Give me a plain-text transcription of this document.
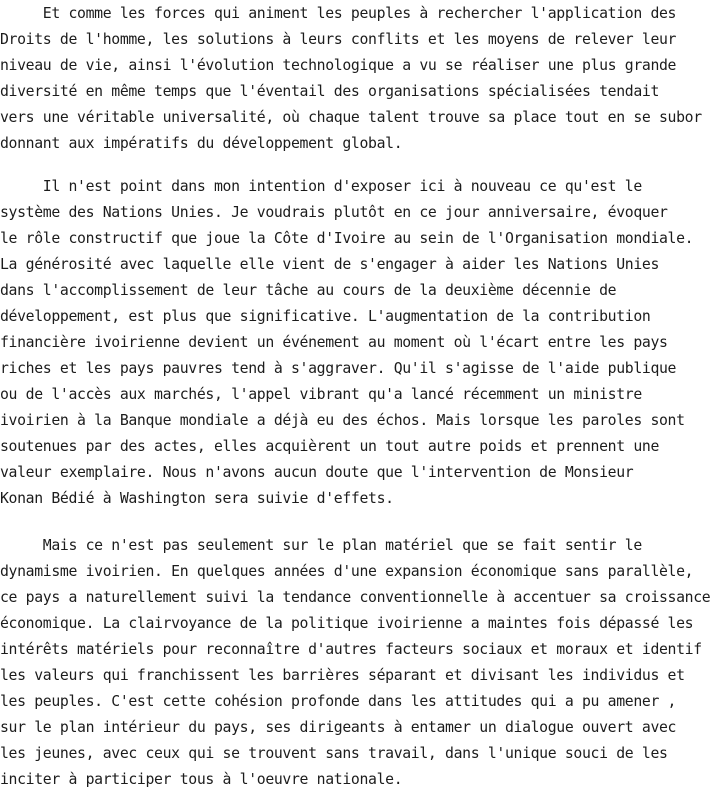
Et comme les forces qui animent les peuples à rechercher l'application des
Droits de l'homme, les solutions à leurs conflits et les moyens de relever leur
niveau de vie, ainsi l'évolution technologique a vu se réaliser une plus grande
diversité en même temps que l'éventail des organisations spécialisées tendait
vers une véritable universalité, où chaque talent trouve sa place tout en se subor
donnant aux impératifs du développement global.
Il n'est point dans mon intention d'exposer ici à nouveau ce qu'est le
système des Nations Unies. Je voudrais plutôt en ce jour anniversaire, évoquer
le rôle constructif que joue la Côte d'Ivoire au sein de l'Organisation mondiale.
La générosité avec laquelle elle vient de s'engager à aider les Nations Unies
dans l'accomplissement de leur tâche au cours de la deuxième décennie de
développement, est plus que significative. L'augmentation de la contribution
financière ivoirienne devient un événement au moment où l'écart entre les pays
riches et les pays pauvres tend à s'aggraver. Qu'il s'agisse de l'aide publique
ou de l'accès aux marchés, l'appel vibrant qu'a lancé récemment un ministre
ivoirien à la Banque mondiale a déjà eu des échos. Mais lorsque les paroles sont
soutenues par des actes, elles acquièrent un tout autre poids et prennent une
valeur exemplaire. Nous n'avons aucun doute que l'intervention de Monsieur
Konan Bédié à Washington sera suivie d'effets.
Mais ce n'est pas seulement sur le plan matériel que se fait sentir le
dynamisme ivoirien. En quelques années d'une expansion économique sans parallèle,
ce pays a naturellement suivi la tendance conventionnelle à accentuer sa croissance
économique. La clairvoyance de la politique ivoirienne a maintes fois dépassé les
intérêts matériels pour reconnaître d'autres facteurs sociaux et moraux et identif
les valeurs qui franchissent les barrières séparant et divisant les individus et
les peuples. C'est cette cohésion profonde dans les attitudes qui a pu amener ,
sur le plan intérieur du pays, ses dirigeants à entamer un dialogue ouvert avec
les jeunes, avec ceux qui se trouvent sans travail, dans l'unique souci de les
inciter à participer tous à l'oeuvre nationale.
